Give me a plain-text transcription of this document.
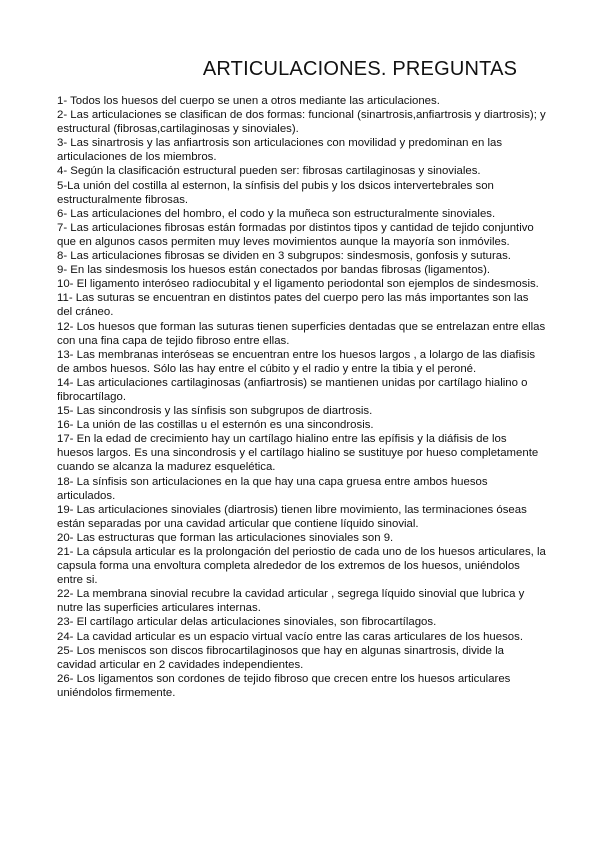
ARTICULACIONES. PREGUNTAS
1- Todos los huesos del cuerpo se unen a otros mediante las articulaciones.
2- Las articulaciones se clasifican de dos formas: funcional (sinartrosis,anfiartrosis y diartrosis); y estructural (fibrosas,cartilaginosas y sinoviales).
3- Las sinartrosis y las anfiartrosis son articulaciones con movilidad y predominan en las articulaciones de los miembros.
4- Según la clasificación estructural pueden ser: fibrosas cartilaginosas y sinoviales.
5-La unión del costilla al esternon, la sínfisis del pubis y los dsicos intervertebrales son estructuralmente fibrosas.
6- Las articulaciones del hombro, el codo y la muñeca son estructuralmente sinoviales.
7- Las articulaciones fibrosas están formadas por distintos tipos y cantidad de tejido conjuntivo que en algunos casos permiten muy leves movimientos aunque la mayoría son inmóviles.
8- Las articulaciones fibrosas se dividen en 3 subgrupos: sindesmosis, gonfosis y suturas.
9- En las sindesmosis los huesos están conectados por bandas fibrosas (ligamentos).
10- El ligamento interóseo radiocubital y el ligamento periodontal son ejemplos de sindesmosis.
11- Las suturas se encuentran en distintos pates del cuerpo pero las más importantes son las del cráneo.
12- Los huesos que forman las suturas tienen superficies dentadas que se entrelazan entre ellas con una fina capa de tejido fibroso entre ellas.
13- Las membranas interóseas se encuentran entre los huesos largos , a lolargo de las diafisis de ambos huesos. Sólo las hay entre el cúbito y el radio y entre la tibia y el peroné.
14- Las articulaciones cartilaginosas (anfiartrosis) se mantienen unidas por cartílago hialino o fibrocartílago.
15- Las sincondrosis y las sínfisis son subgrupos de diartrosis.
16- La unión de las costillas u el esternón es una sincondrosis.
17- En la edad de crecimiento hay un cartílago hialino entre las epífisis y la diáfisis de los huesos largos. Es una sincondrosis y el cartílago hialino se sustituye por hueso completamente cuando se alcanza la madurez esquelética.
18- La sínfisis son articulaciones en la que hay una capa gruesa entre ambos huesos articulados.
19- Las articulaciones sinoviales (diartrosis) tienen libre movimiento, las terminaciones óseas están separadas por una cavidad articular que contiene líquido sinovial.
20- Las estructuras que forman las articulaciones sinoviales son 9.
21- La cápsula articular es la prolongación del periostio de cada uno de los huesos articulares, la capsula forma una envoltura completa alrededor de los extremos de los huesos, uniéndolos entre si.
22- La membrana sinovial recubre la cavidad articular , segrega líquido sinovial que lubrica y nutre las superficies articulares internas.
23- El cartílago articular delas articulaciones sinoviales, son fibrocartílagos.
24- La cavidad articular es un espacio virtual vacío entre las caras articulares de los huesos.
25- Los meniscos son discos fibrocartilaginosos que hay en algunas sinartrosis, divide la cavidad articular en 2 cavidades independientes.
26- Los ligamentos son cordones de tejido fibroso que crecen entre los huesos articulares uniéndolos firmemente.
